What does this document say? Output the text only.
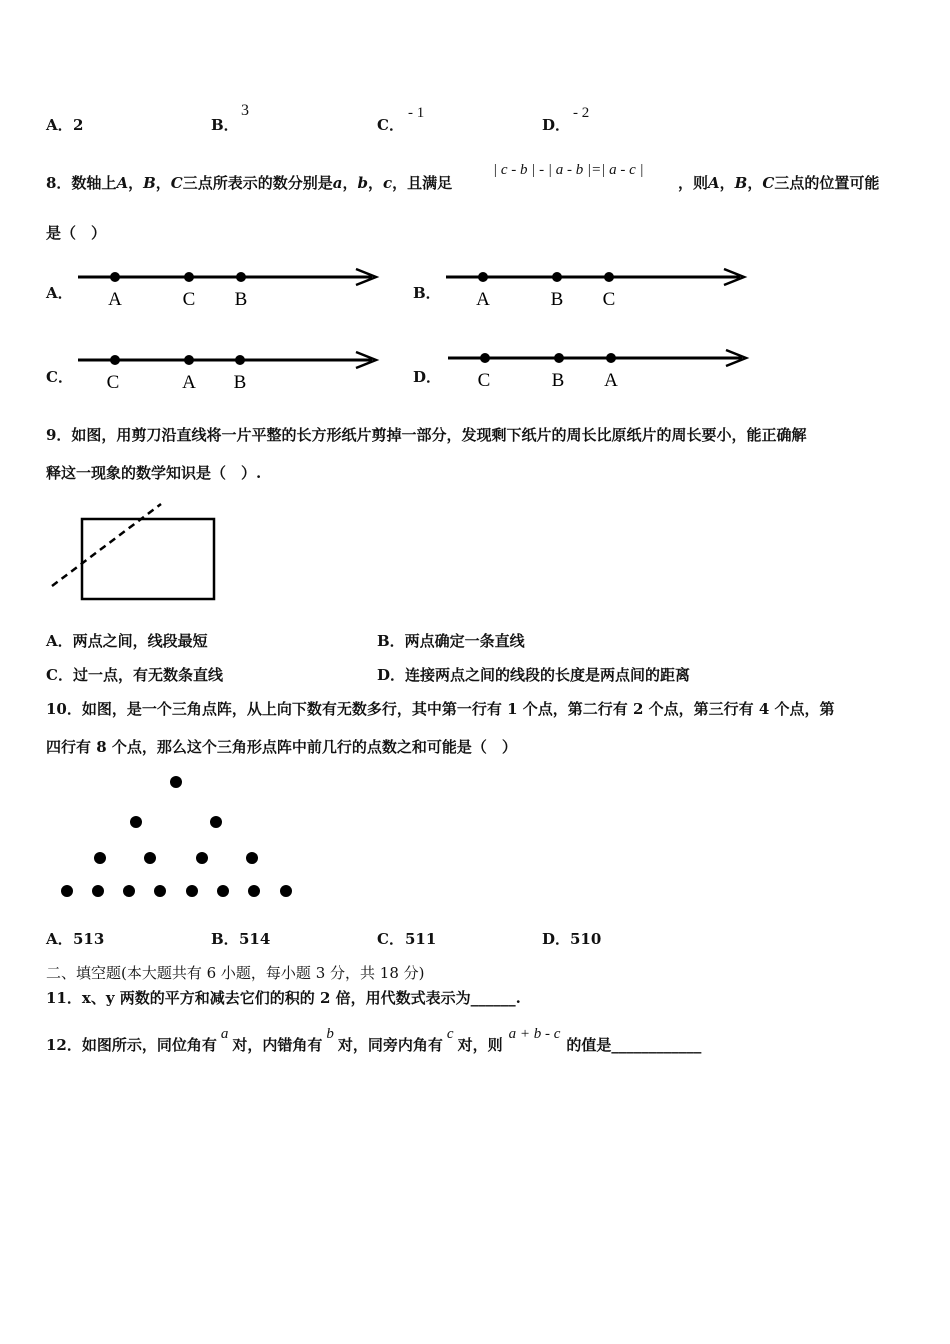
A． 2	B．
3
C．
- 1
D．
- 2
8．数轴上A，B，C三点所表示的数分别是a，b，c，且满足
| c - b | - | a - b |=| a - c |
，则A，B，C三点的位置可能
是（　）
A． A	C B	B． A	B C
C． C	A B	D． C	B A
9．如图，用剪刀沿直线将一片平整的长方形纸片剪掉一部分，发现剩下纸片的周长比原纸片的周长要小，能正确解
释这一现象的数学知识是（　）.
A．两点之间，线段最短	B．两点确定一条直线
C．过一点，有无数条直线	D．连接两点之间的线段的长度是两点间的距离
10．如图，是一个三角点阵，从上向下数有无数多行，其中第一行有 1 个点，第二行有 2 个点，第三行有 4 个点，第
四行有 8 个点，那么这个三角形点阵中前几行的点数之和可能是（　）
A． 513	B． 514	C． 511	D． 510
二、填空题(本大题共有 6 小题，每小题 3 分，共 18 分)
11．x、y 两数的平方和减去它们的积的 2 倍，用代数式表示为______.
12．如图所示，同位角有a对，内错角有b对，同旁内角有c对，则a + b - c的值是____________
